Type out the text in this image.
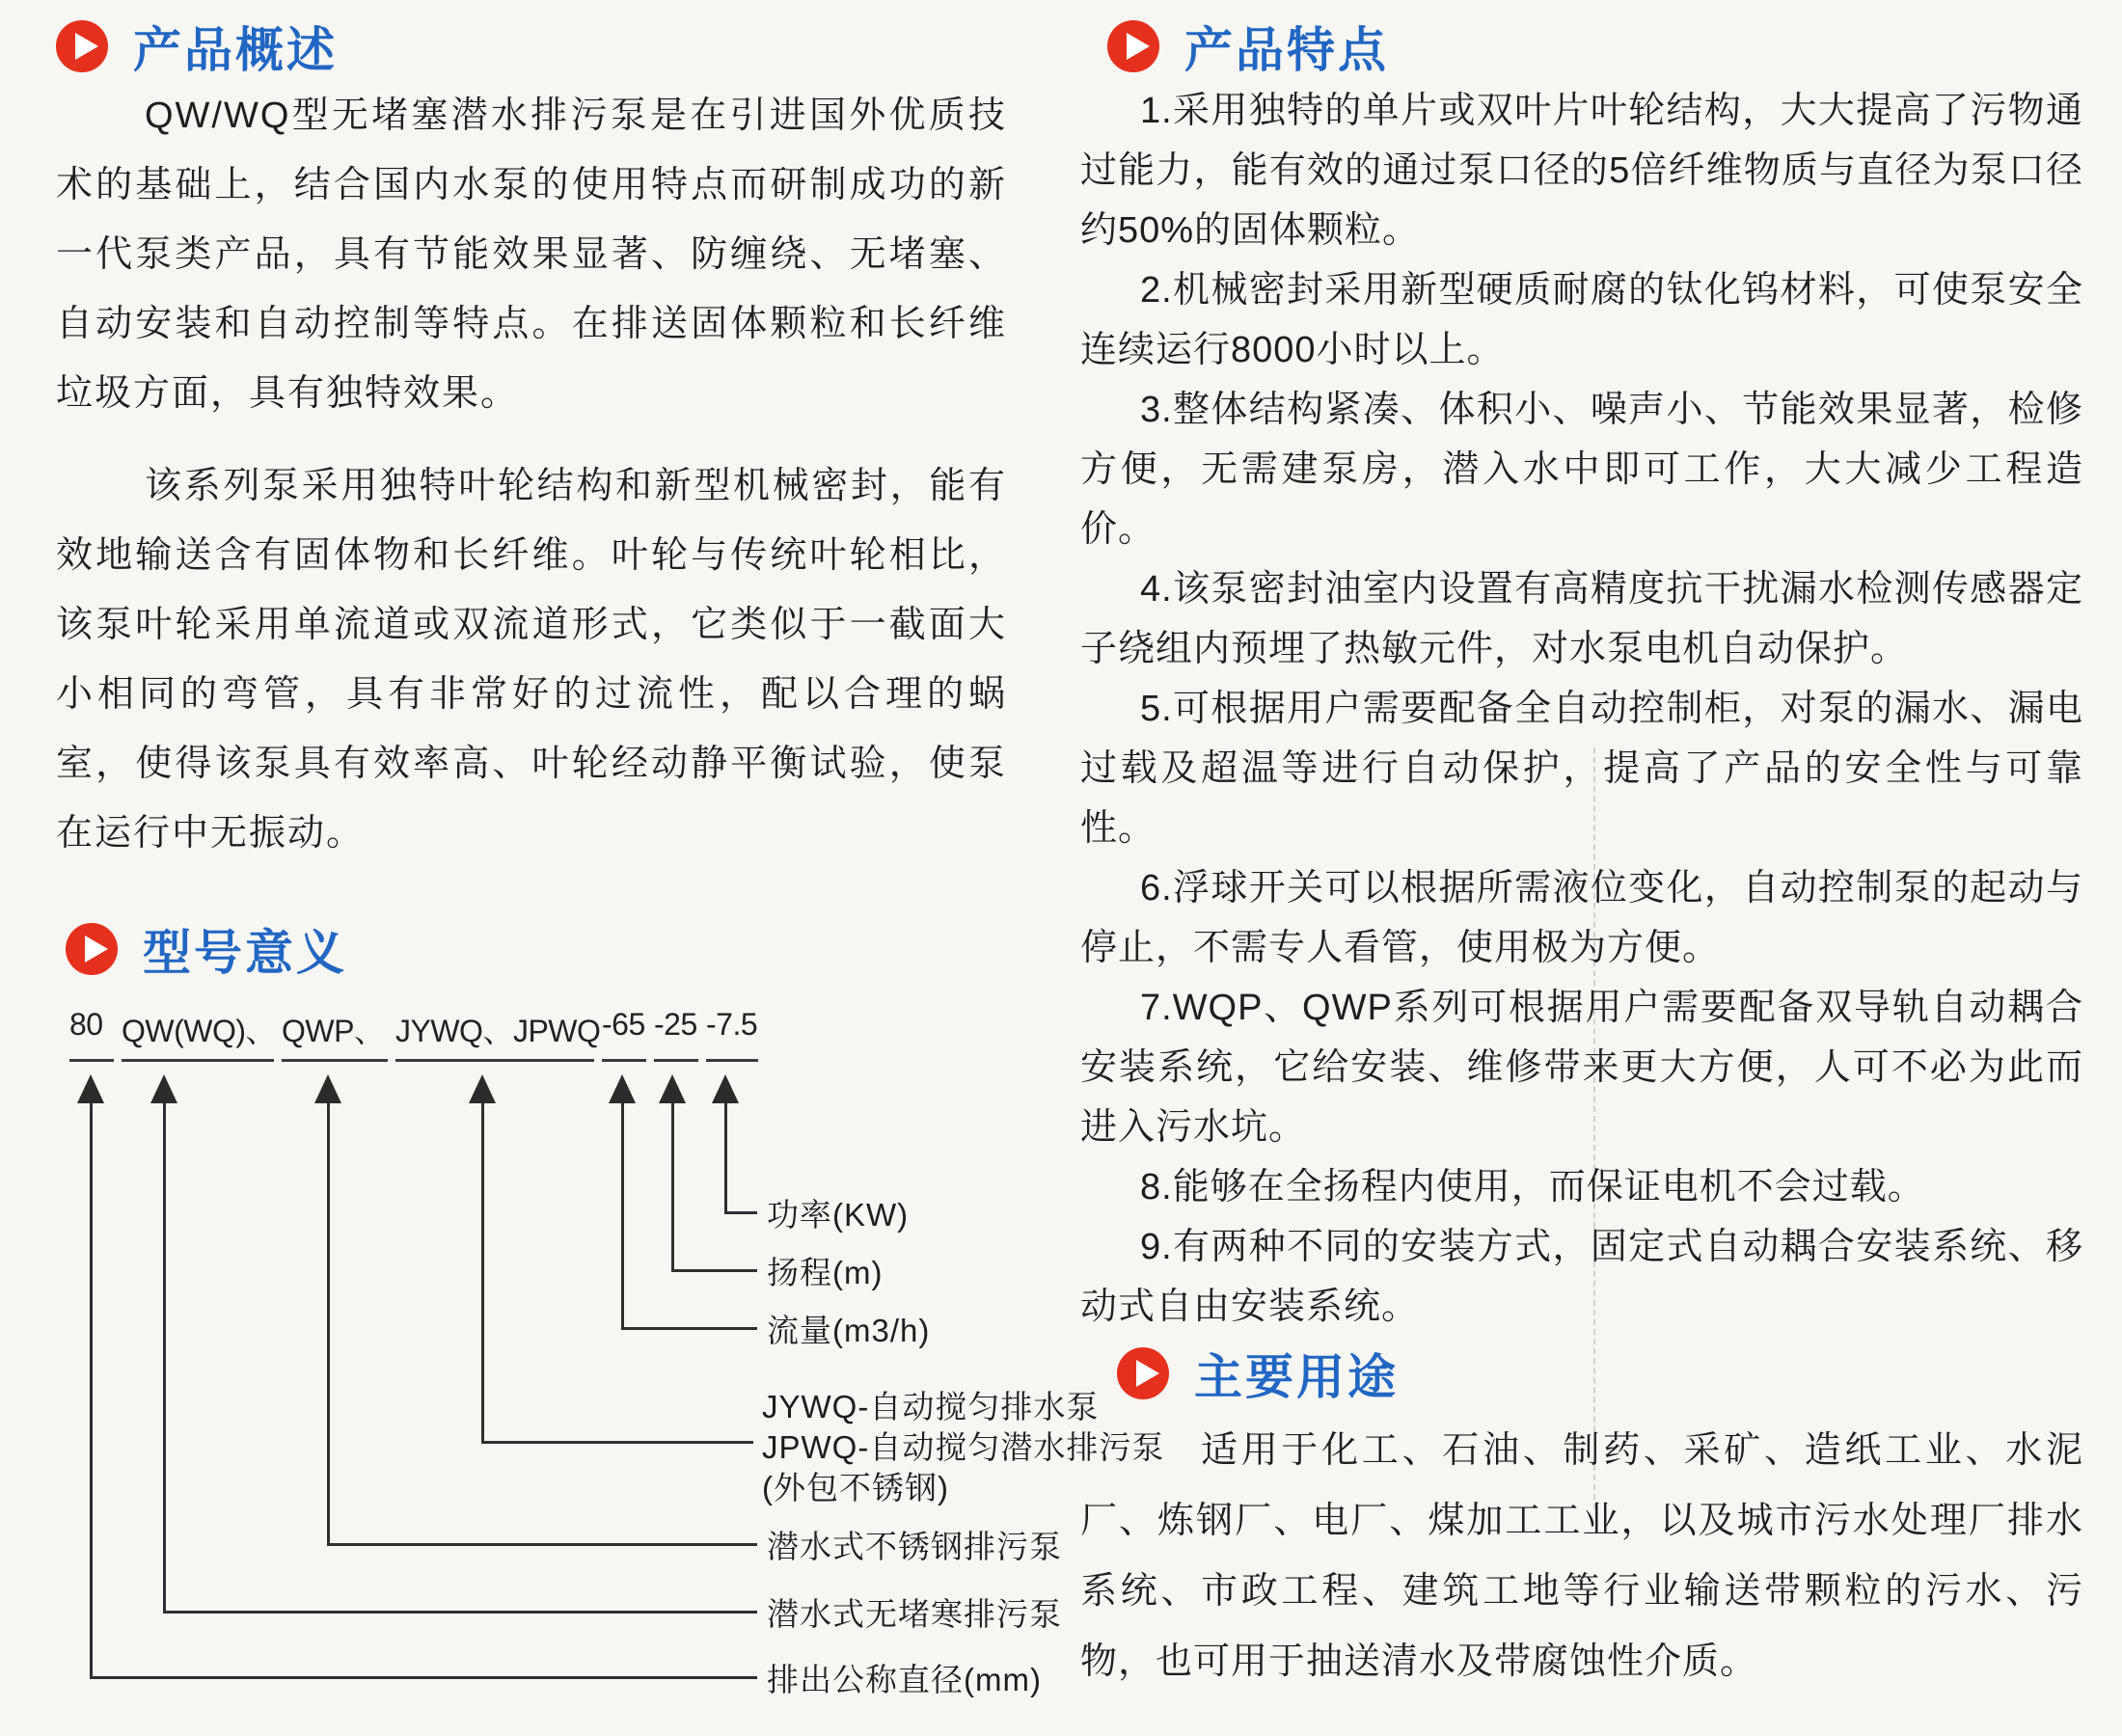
产品概述

QW/WQ型无堵塞潜水排污泵是在引进国外优质技术的基础上，结合国内水泵的使用特点而研制成功的新一代泵类产品，具有节能效果显著、防缠绕、无堵塞、自动安装和自动控制等特点。在排送固体颗粒和长纤维垃圾方面，具有独特效果。

该系列泵采用独特叶轮结构和新型机械密封，能有效地输送含有固体物和长纤维。叶轮与传统叶轮相比，该泵叶轮采用单流道或双流道形式，它类似于一截面大小相同的弯管，具有非常好的过流性，配以合理的蜗室，使得该泵具有效率高、叶轮经动静平衡试验，使泵在运行中无振动。

型号意义
80 QW(WQ)、 QWP、 JYWQ、JPWQ -65 -25 -7.5
功率(KW)
扬程(m)
流量(m3/h)
JYWQ-自动搅匀排水泵
JPWQ-自动搅匀潜水排污泵
(外包不锈钢)
潜水式不锈钢排污泵
潜水式无堵寒排污泵
排出公称直径(mm)
产品特点

1.采用独特的单片或双叶片叶轮结构，大大提高了污物通过能力，能有效的通过泵口径的5倍纤维物质与直径为泵口径约50%的固体颗粒。

2.机械密封采用新型硬质耐腐的钛化钨材料，可使泵安全连续运行8000小时以上。

3.整体结构紧凑、体积小、噪声小、节能效果显著，检修方便，无需建泵房，潜入水中即可工作，大大减少工程造价。

4.该泵密封油室内设置有高精度抗干扰漏水检测传感器定子绕组内预埋了热敏元件，对水泵电机自动保护。

5.可根据用户需要配备全自动控制柜，对泵的漏水、漏电过载及超温等进行自动保护，提高了产品的安全性与可靠性。

6.浮球开关可以根据所需液位变化，自动控制泵的起动与停止，不需专人看管，使用极为方便。

7.WQP、QWP系列可根据用户需要配备双导轨自动耦合安装系统，它给安装、维修带来更大方便，人可不必为此而进入污水坑。

8.能够在全扬程内使用，而保证电机不会过载。

9.有两种不同的安装方式，固定式自动耦合安装系统、移动式自由安装系统。

主要用途

适用于化工、石油、制药、采矿、造纸工业、水泥厂、炼钢厂、电厂、煤加工工业，以及城市污水处理厂排水系统、市政工程、建筑工地等行业输送带颗粒的污水、污物，也可用于抽送清水及带腐蚀性介质。
